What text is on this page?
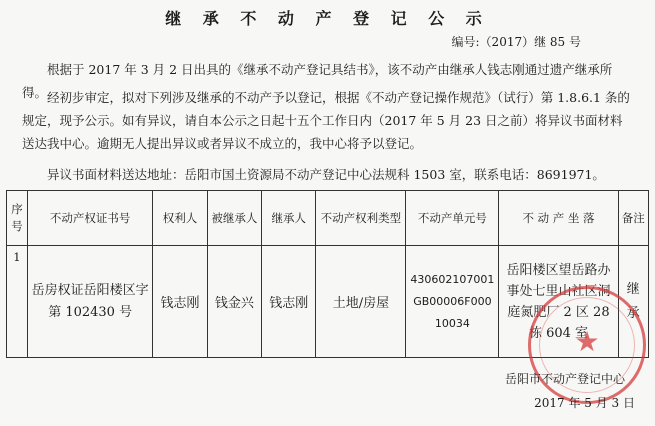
继 承 不 动 产 登 记 公 示
编号:（2017）继 85 号
根据于 2017 年 3 月 2 日出具的《继承不动产登记具结书》，该不动产由继承人钱志刚通过遗产继承所得。 经初步审定，拟对下列涉及继承的不动产予以登记，根据《不动产登记操作规范》（试行）第 1.8.6.1 条的规定，现予公示。如有异议，请自本公示之日起十五个工作日内（2017 年 5 月 23 日之前）将异议书面材料送达我中心。逾期无人提出异议或者异议不成立的，我中心将予以登记。
异议书面材料送达地址：岳阳市国土资源局不动产登记中心法规科 1503 室，联系电话：8691971。
序号	不动产权证书号	权利人	被继承人	继承人	不动产权利类型	不动产单元号	不 动 产 坐 落	备注
1	岳房权证岳阳楼区字第 102430 号	钱志刚	钱金兴	钱志刚	土地/房屋	430602107001 GB00006F000 10034	岳阳楼区望岳路办事处七里山社区洞庭氮肥厂 2 区 28 栋 604 室	继承
★
岳阳市不动产登记中心
2017 年 5 月 3 日
